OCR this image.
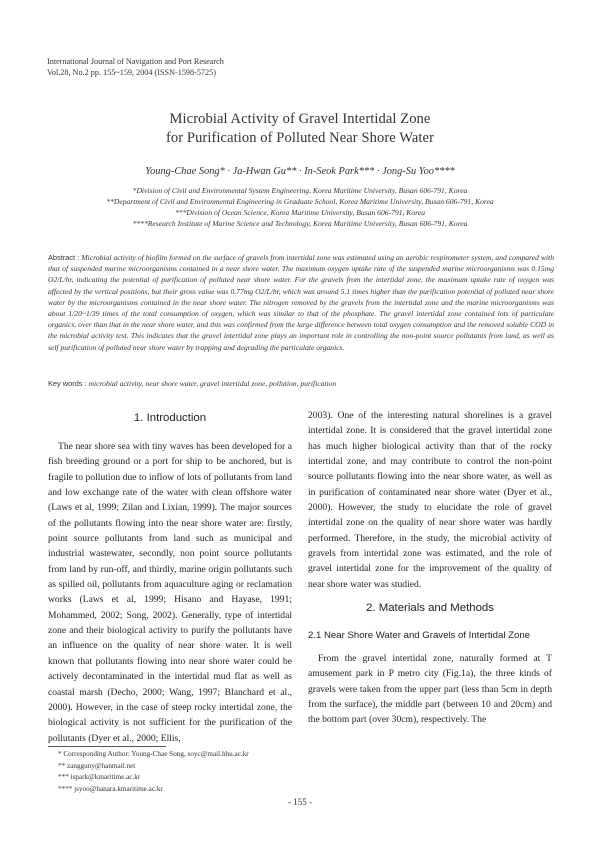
International Journal of Navigation and Port Research
Vol.28, No.2 pp. 155~159, 2004 (ISSN-1598-5725)
Microbial Activity of Gravel Intertidal Zone
for Purification of Polluted Near Shore Water
Young-Chae Song* · Ja-Hwan Gu** · In-Seok Park*** · Jong-Su Yoo****
*Division of Civil and Environmental System Engineering, Korea Maritime University, Busan 606-791, Korea
**Department of Civil and Environmental Engineering in Graduate School, Korea Maritime University, Busan 606-791, Korea
***Division of Ocean Science, Korea Maritime University, Busan 606-791, Korea
****Research Institute of Marine Science and Technology, Korea Maritime University, Busan 606-791, Korea
Abstract : Microbial activity of biofilm formed on the surface of gravels from intertidal zone was estimated using an aerobic respirometer system, and compared with that of suspended marine microorganisms contained in a near shore water. The maximum oxygen uptake rate of the suspended marine microorganisms was 0.15mg O2/L/hr, indicating the potential of purification of polluted near shore water. For the gravels from the intertidal zone, the maximum uptake rate of oxygen was affected by the vertical positions, but their gross value was 0.77mg O2/L/hr, which was around 5.1 times higher than the purification potential of polluted near shore water by the microorganisms contained in the near shore water. The nitrogen removed by the gravels from the intertidal zone and the marine microorganisms was about 1/20~1/39 times of the total consumption of oxygen, which was similar to that of the phosphate. The gravel intertidal zone contained lots of particulate organics, over than that in the near shore water, and this was confirmed from the large difference between total oxygen consumption and the removed soluble COD in the microbial activity test. This indicates that the gravel intertidal zone plays an important role in controlling the non-point source pollutants from land, as well as self purification of polluted near shore water by trapping and degrading the particulate organics.
Key words : microbial activity, near shore water, gravel intertidal zone, pollution, purification
1. Introduction
The near shore sea with tiny waves has been developed for a fish breeding ground or a port for ship to be anchored, but is fragile to pollution due to inflow of lots of pollutants from land and low exchange rate of the water with clean offshore water (Laws et al, 1999; Zilan and Lixian, 1999). The major sources of the pollutants flowing into the near shore water are: firstly, point source pollutants from land such as municipal and industrial wastewater, secondly, non point source pollutants from land by run-off, and thirdly, marine origin pollutants such as spilled oil, pollutants from aquaculture aging or reclamation works (Laws et al, 1999; Hisano and Hayase, 1991; Mohammed, 2002; Song, 2002). Generally, type of intertidal zone and their biological activity to purify the pollutants have an influence on the quality of near shore water. It is well known that pollutants flowing into near shore water could be actively decontaminated in the intertidal mud flat as well as coastal marsh (Decho, 2000; Wang, 1997; Blanchard et al., 2000). However, in the case of steep rocky intertidal zone, the biological activity is not sufficient for the purification of the pollutants (Dyer et al., 2000; Ellis,
2003). One of the interesting natural shorelines is a gravel intertidal zone. It is considered that the gravel intertidal zone has much higher biological activity than that of the rocky intertidal zone, and may contribute to control the non-point source pollutants flowing into the near shore water, as well as in purification of contaminated near shore water (Dyer et al., 2000). However, the study to elucidate the role of gravel intertidal zone on the quality of near shore water was hardly performed. Therefore, in the study, the microbial activity of gravels from intertidal zone was estimated, and the role of gravel intertidal zone for the improvement of the quality of near shore water was studied.
2. Materials and Methods
2.1 Near Shore Water and Gravels of Intertidal Zone
From the gravel intertidal zone, naturally formed at T amusement park in P metro city (Fig.1a), the three kinds of gravels were taken from the upper part (less than 5cm in depth from the surface), the middle part (between 10 and 20cm) and the bottom part (over 30cm), respectively. The
* Corresponding Author: Young-Chae Song, soyc@mail.hhu.ac.kr
** zangguny@hanmail.net
*** ispark@kmaritime.ac.kr
**** jsyoo@hanara.kmaritime.ac.kr
- 155 -
